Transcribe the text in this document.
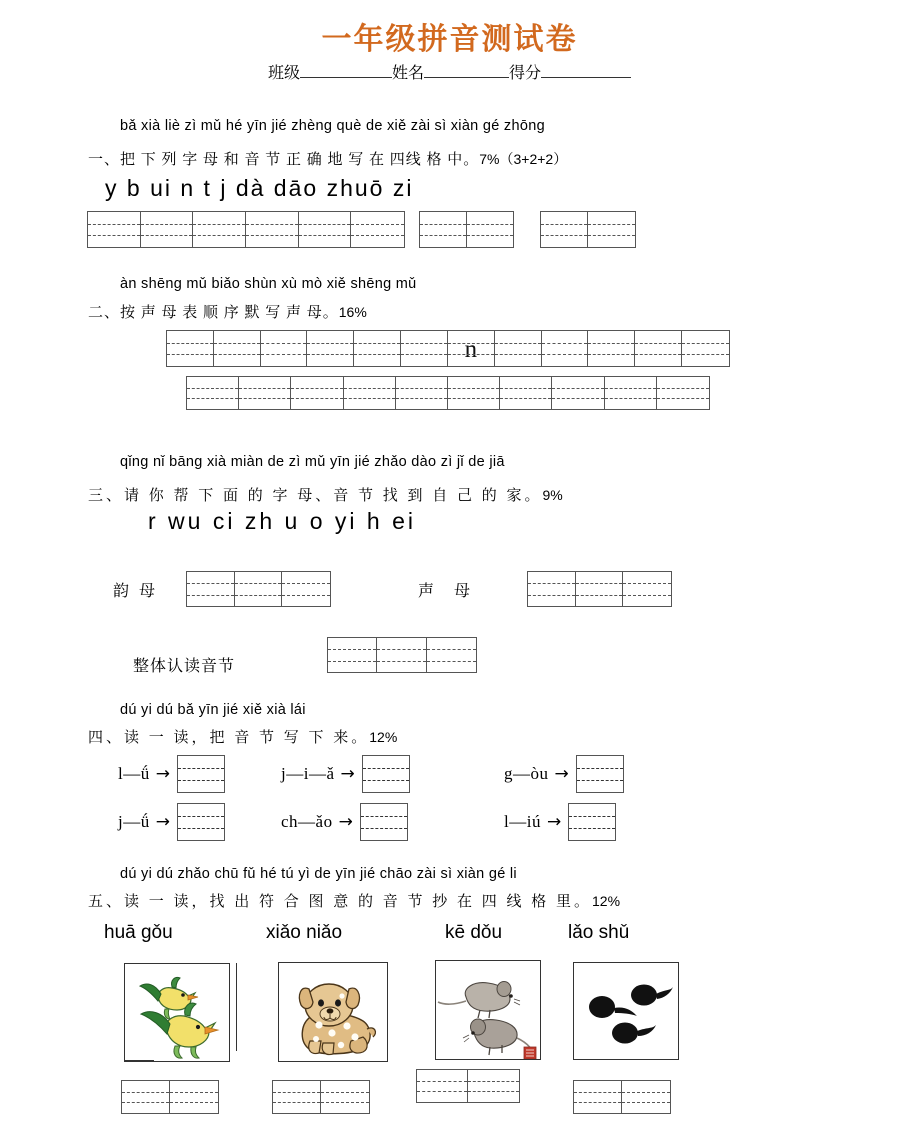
一年级拼音测试卷
班级	姓名	得分
bǎ xià liè zì mǔ hé yīn jié zhèng què de xiě zài sì xiàn gé zhōng
一、把 下 列 字 母 和 音 节 正 确 地 写 在 四线 格 中。7%（3+2+2）
y b ui n t j dà dāo zhuō zi
àn shēng mǔ biǎo shùn xù mò xiě shēng mǔ
二、按 声 母 表 顺 序 默 写 声 母。16%
n
qǐng nǐ bāng xià miàn de zì mǔ yīn jié zhǎo dào zì jǐ de jiā
三、请 你 帮 下 面 的 字 母、音 节 找 到 自 己 的 家。9%
r wu ci zh u o yi h ei
韵 母	声 母
整体认读音节
dú yi dú bǎ yīn jié xiě xià lái
四、读 一 读，把 音 节 写 下 来。12%
l—ǘ →	j—i—ǎ →	g—òu →
j—ǘ →	ch—ǎo →	l—iú →
dú yi dú zhǎo chū fǔ hé tú yì de yīn jié chāo zài sì xiàn gé li
五、读 一 读，找 出 符 合 图 意 的 音 节 抄 在 四 线 格 里。12%
huā gǒu	xiǎo niǎo	kē dǒu	lǎo shǔ
